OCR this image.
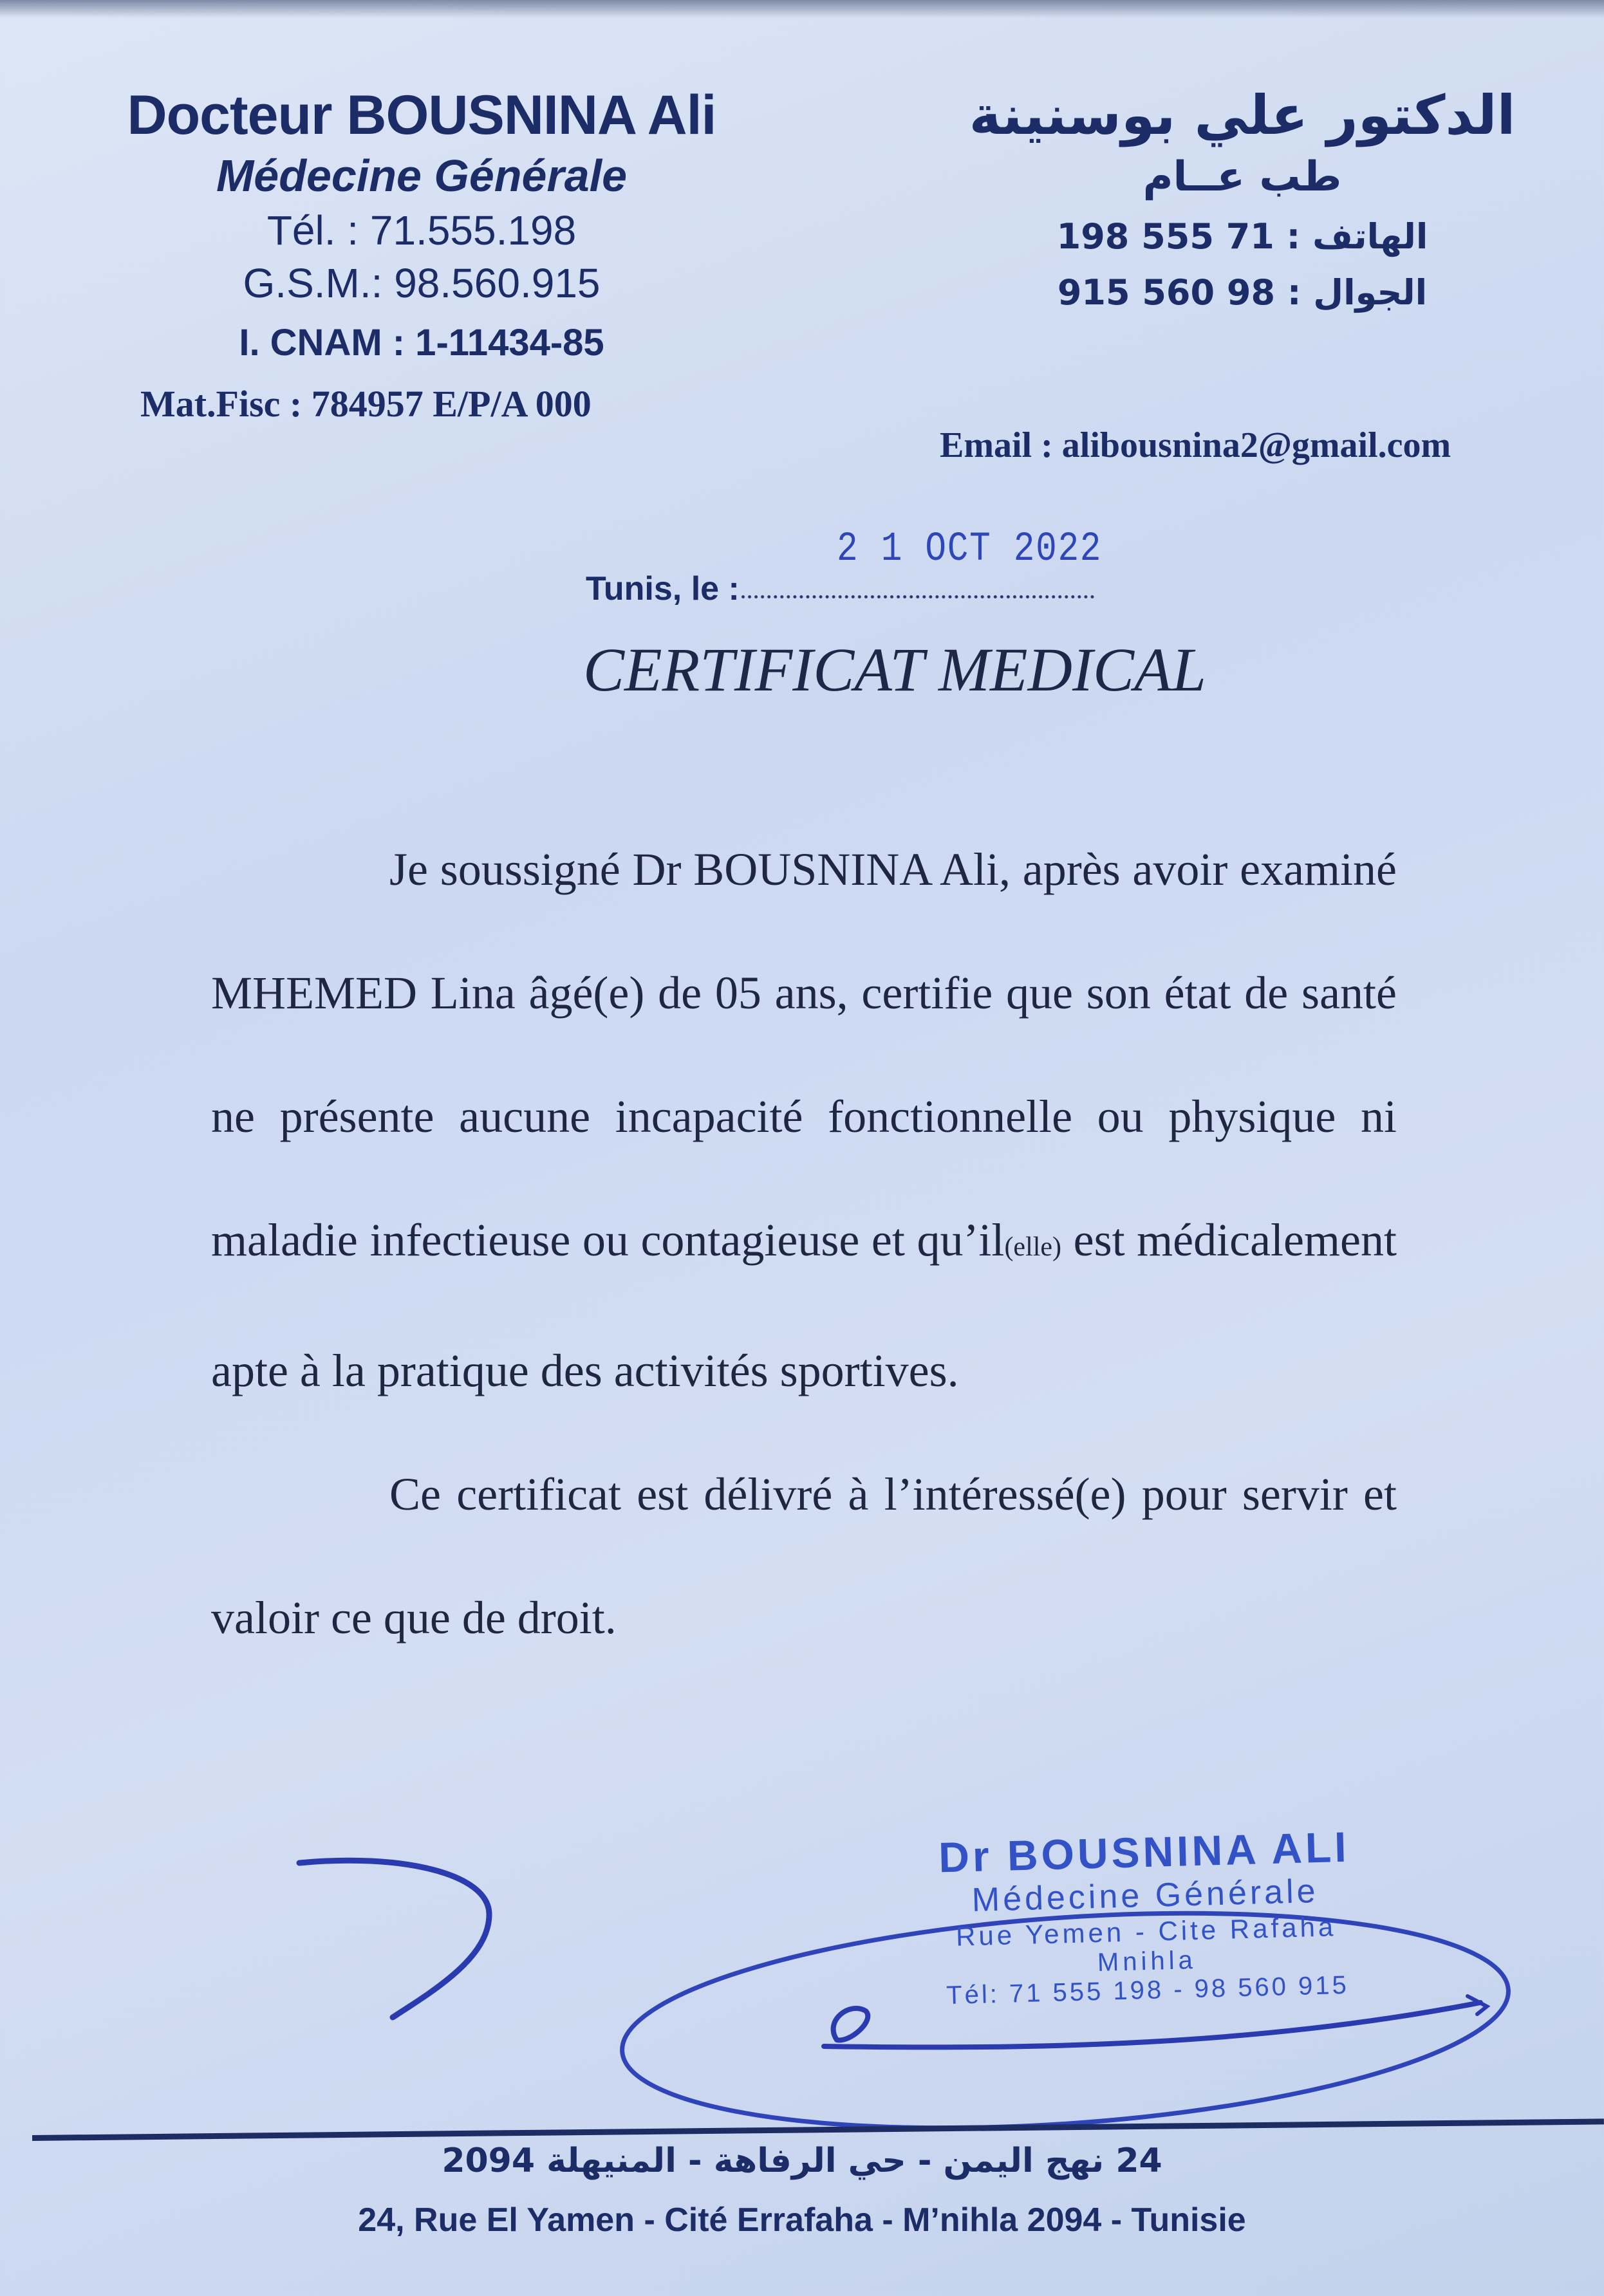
Docteur BOUSNINA Ali
Médecine Générale
Tél. : 71.555.198
G.S.M.: 98.560.915
I. CNAM : 1-11434-85
Mat.Fisc : 784957 E/P/A 000
الدكتور علي بوسنينة
طب عــام
الهاتف : 71 555 198
الجوال : 98 560 915
Email : alibousnina2@gmail.com
Tunis, le :
2 1 OCT 2022
CERTIFICAT MEDICAL

Je soussigné Dr BOUSNINA Ali, après avoir examiné MHEMED Lina âgé(e) de 05 ans, certifie que son état de santé ne présente aucune incapacité fonctionnelle ou physique ni maladie infectieuse ou contagieuse et qu’il(elle) est médicalement apte à la pratique des activités sportives.

Ce certificat est délivré à l’intéressé(e) pour servir et valoir ce que de droit.

Dr BOUSNINA ALI
Médecine Générale
Rue Yemen - Cite Rafaha
Mnihla
Tél: 71 555 198 - 98 560 915
24 نهج اليمن - حي الرفاهة - المنيهلة 2094
24, Rue El Yamen - Cité Errafaha - M’nihla 2094 - Tunisie
